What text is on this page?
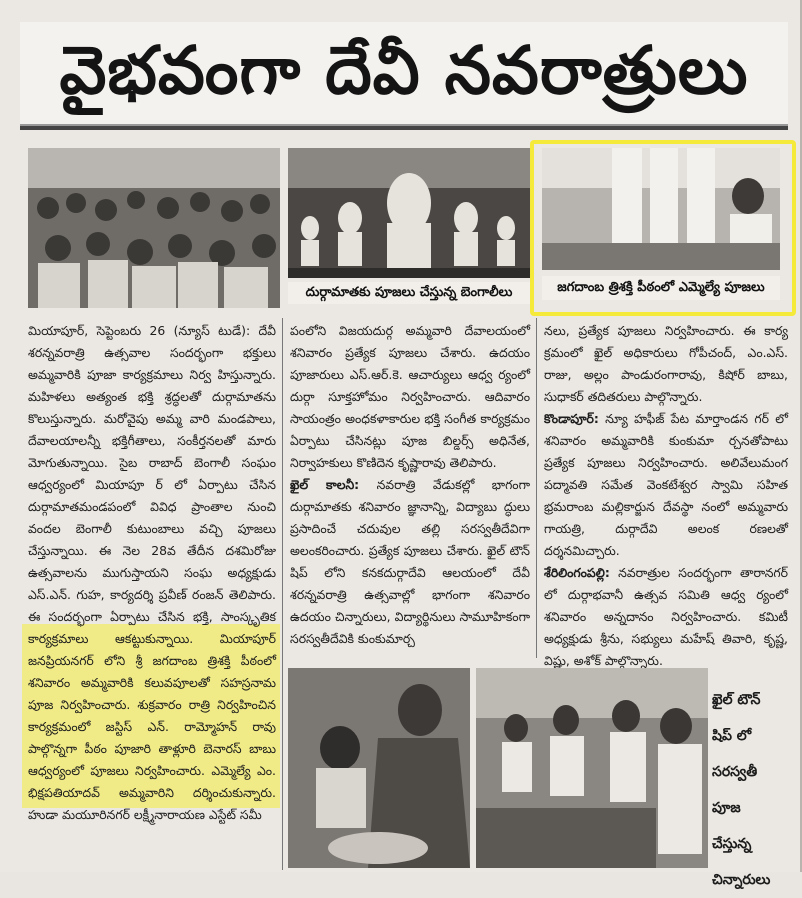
వైభవంగా దేవీ నవరాత్రులు
దుర్గామాతకు పూజలు చేస్తున్న బెంగాలీలు	జగదాంబ త్రిశక్తి పీఠంలో ఎమ్మెల్యే పూజలు

మియాపూర్, సెప్టెంబరు 26 (న్యూస్ టుడే): దేవీ శరన్నవరాత్రి ఉత్సవాల సందర్భంగా భక్తులు అమ్మవారికి పూజా కార్యక్రమాలు నిర్వ హిస్తున్నారు. మహిళలు అత్యంత భక్తి శ్రద్ధలతో దుర్గామాతను కొలుస్తున్నారు. మరోవైపు అమ్మ వారి మండపాలు, దేవాలయాలన్నీ భక్తిగీతాలు, సంకీర్తనలతో మారు మోగుతున్నాయి. సైబ రాబాద్ బెంగాలీ సంఘం ఆధ్వర్యంలో మియాపూ ర్ లో ఏర్పాటు చేసిన దుర్గామాతమండపంలో వివిధ ప్రాంతాల నుంచి వందల బెంగాలీ కుటుంబాలు వచ్చి పూజలు చేస్తున్నాయి. ఈ నెల 28వ తేదీన దశమిరోజు ఉత్సవాలను ముగుస్తాయని సంఘ అధ్యక్షుడు ఎస్.ఎన్. గుహ, కార్యదర్శి ప్రవీణ్ రంజన్ తెలిపారు. ఈ సందర్భంగా ఏర్పాటు చేసిన భక్తి, సాంస్కృతిక కార్యక్రమాలు ఆకట్టుకున్నాయి. మియాపూర్ జనప్రియనగర్ లోని శ్రీ జగదాంబ త్రిశక్తి పీఠంలో శనివారం అమ్మవారికి కలువపూలతో సహస్రనామ పూజ నిర్వహించారు. శుక్రవారం రాత్రి నిర్వహించిన కార్యక్రమంలో జస్టిస్ ఎన్. రామ్మోహన్ రావు పాల్గొన్నగా పీఠం పూజారి తాళ్లూరి బెనారస్ బాబు ఆధ్వర్యంలో పూజలు నిర్వహించారు. ఎమ్మెల్యే ఎం. భిక్షపతియాదవ్ అమ్మవారిని దర్శించుకున్నారు. హుడా మయూరినగర్ లక్ష్మీనారాయణ ఎస్టేట్ సమీ

పంలోని విజయదుర్గ అమ్మవారి దేవాలయంలో శనివారం ప్రత్యేక పూజలు చేశారు. ఉదయం పూజారులు ఎస్.ఆర్.కె. ఆచార్యులు ఆధ్వ ర్యంలో దుర్గా సూక్తహోమం నిర్వహించారు. ఆదివారం సాయంత్రం అంధకళాకారుల భక్తి సంగీత కార్యక్రమం ఏర్పాటు చేసినట్లు పూజ బిల్డర్స్ అధినేత, నిర్వాహకులు కొణిదెన కృష్ణారావు తెలిపారు.

ఖైల్ కాలనీ: నవరాత్రి వేడుకల్లో భాగంగా దుర్గామాతకు శనివారం జ్ఞానాన్ని, విద్యాబు ద్ధులు ప్రసాదించే చదువుల తల్లి సరస్వతీదేవిగా అలంకరించారు. ప్రత్యేక పూజలు చేశారు. ఖైల్ టౌన్ షిప్ లోని కనకదుర్గాదేవి ఆలయంలో దేవీ శరన్నవరాత్రి ఉత్సవాల్లో భాగంగా శనివారం ఉదయం చిన్నారులు, విద్యార్థినులు సామూహికంగా సరస్వతీదేవికి కుంకుమార్చ

నలు, ప్రత్యేక పూజలు నిర్వహించారు. ఈ కార్య క్రమంలో ఖైల్ అధికారులు గోపీచంద్, ఎం.ఎస్. రాజు, అల్లం పాండురంగారావు, కిషోర్ బాబు, సుధాకర్ తదితరులు పాల్గొన్నారు.

కొండాపూర్: న్యూ హఫీజ్ పేట మార్తాండన గర్ లో శనివారం అమ్మవారికి కుంకుమా ర్చనతోపాటు ప్రత్యేక పూజలు నిర్వహించారు. అలివేలుమంగ పద్మావతి సమేత వెంకటేశ్వర స్వామి సహిత భ్రమరాంబ మల్లికార్జున దేవస్థా నంలో అమ్మవారు గాయత్రి, దుర్గాదేవి అలంక రణలతో దర్శనమిచ్చారు.

శేరిలింగంపల్లి: నవరాత్రుల సందర్భంగా తారానగర్ లో దుర్గాభవానీ ఉత్సవ సమితి ఆధ్వ ర్యంలో శనివారం అన్నదానం నిర్వహించారు. కమిటీ అధ్యక్షుడు శ్రీను, సభ్యులు మహేష్ తివారి, కృష్ణ, విష్ణు, అశోక్ పాల్గొన్నారు.

ఖైల్ టౌన్
షిప్ లో
సరస్వతీ
పూజ
చేస్తున్న
చిన్నారులు
